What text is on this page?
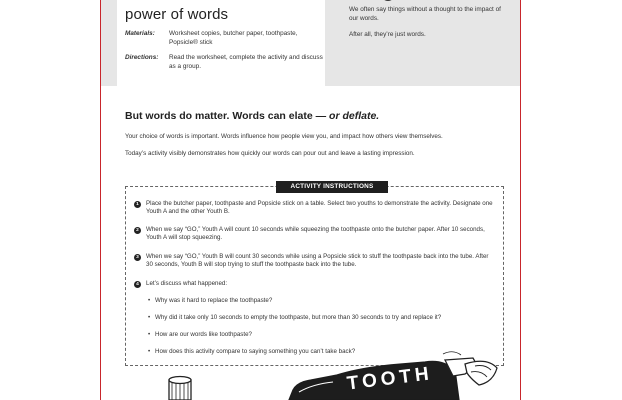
power of words
Materials:	Worksheet copies, butcher paper, toothpaste, Popsicle® stick
Directions:	Read the worksheet, complete the activity and discuss as a group.

We often say things without a thought to the impact of our words.

After all, they’re just words.

But words do matter. Words can elate — or deflate.
Your choice of words is important. Words influence how people view you, and impact how others view themselves.
Today’s activity visibly demonstrates how quickly our words can pour out and leave a lasting impression.
ACTIVITY INSTRUCTIONS
1	Place the butcher paper, toothpaste and Popsicle stick on a table. Select two youths to demonstrate the activity. Designate one Youth A and the other Youth B.
2	When we say “GO,” Youth A will count 10 seconds while squeezing the toothpaste onto the butcher paper. After 10 seconds, Youth A will stop squeezing.
3	When we say “GO,” Youth B will count 30 seconds while using a Popsicle stick to stuff the toothpaste back into the tube. After 30 seconds, Youth B will stop trying to stuff the toothpaste back into the tube.
4	Let’s discuss what happened:
• Why was it hard to replace the toothpaste?
• Why did it take only 10 seconds to empty the toothpaste, but more than 30 seconds to try and replace it?
• How are our words like toothpaste?
• How does this activity compare to saying something you can’t take back?
TOOTH
